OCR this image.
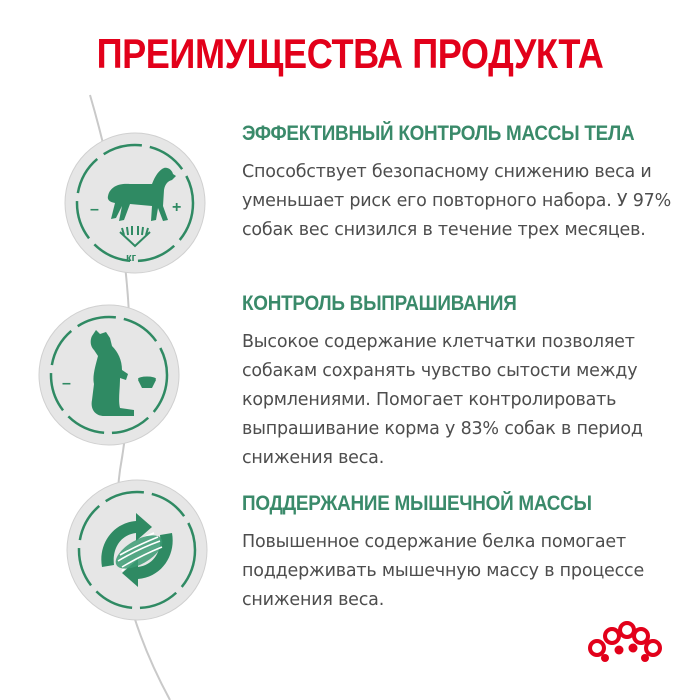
ПРЕИМУЩЕСТВА ПРОДУКТА
–	+
кг
–
ЭФФЕКТИВНЫЙ КОНТРОЛЬ МАССЫ ТЕЛА
Способствует безопасному снижению веса и уменьшает риск его повторного набора. У 97% собак вес снизился в течение трех месяцев.
КОНТРОЛЬ ВЫПРАШИВАНИЯ
Высокое содержание клетчатки позволяет собакам сохранять чувство сытости между кормлениями. Помогает контролировать выпрашивание корма у 83% собак в период снижения веса.
ПОДДЕРЖАНИЕ МЫШЕЧНОЙ МАССЫ
Повышенное содержание белка помогает поддерживать мышечную массу в процессе снижения веса.
